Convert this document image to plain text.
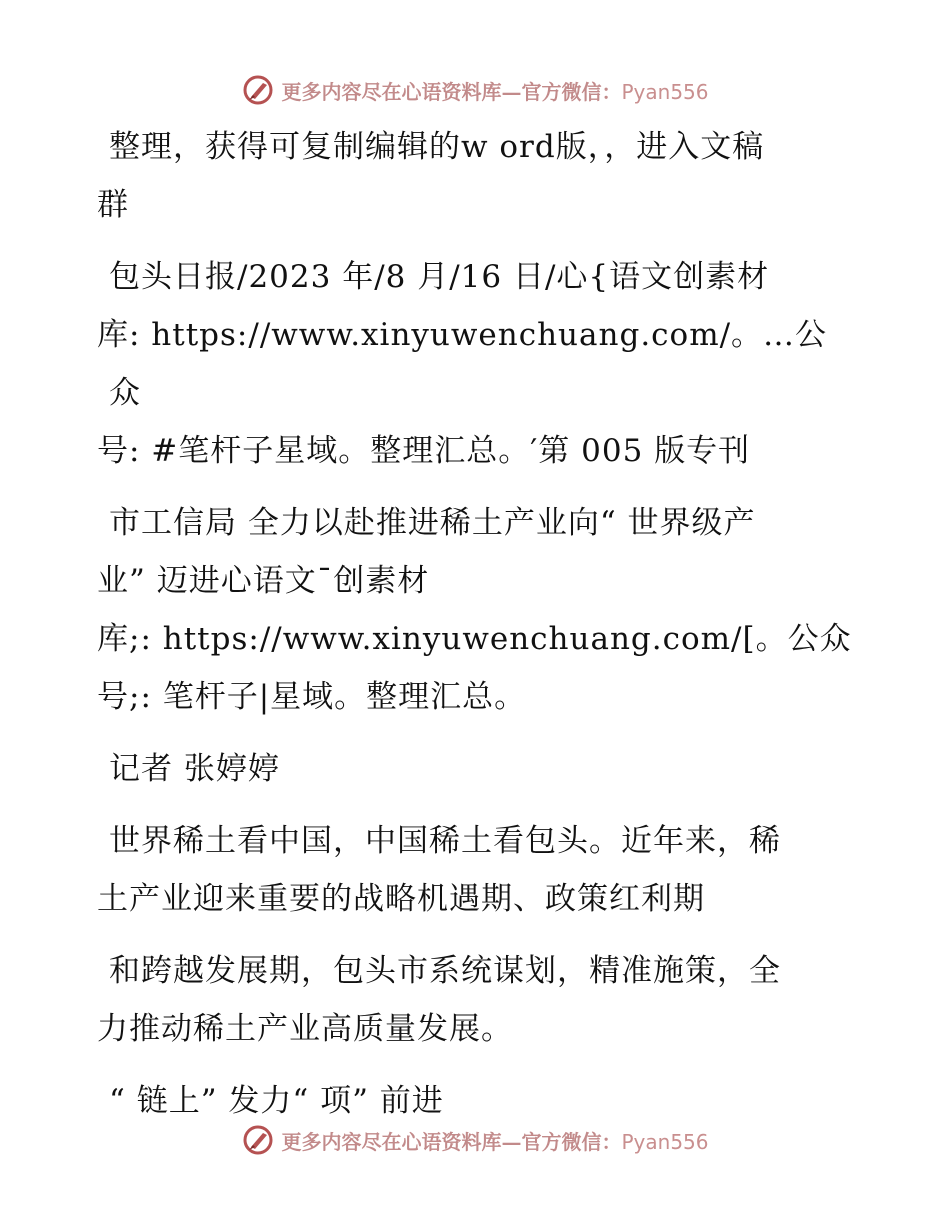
更多内容尽在心语资料库—官方微信：Pyan556

整理，获得可复制编辑的w ord版，，进入文稿
群

包头日报/2023 年/8 月/16 日/心{语文创素材
库: https://www.xinyuwenchuang.com/。…公众
号: #笔杆子星域。整理汇总。′第 005 版专刊

市工信局 全力以赴推进稀土产业向“ 世界级产
业” 迈进心语文¯创素材

库;: https://www.xinyuwenchuang.com/[。公众
号;: 笔杆子|星域。整理汇总。

记者 张婷婷

世界稀土看中国，中国稀土看包头。近年来，稀
土产业迎来重要的战略机遇期、政策红利期

和跨越发展期，包头市系统谋划，精准施策，全
力推动稀土产业高质量发展。

“ 链上” 发力“ 项” 前进

更多内容尽在心语资料库—官方微信：Pyan556
